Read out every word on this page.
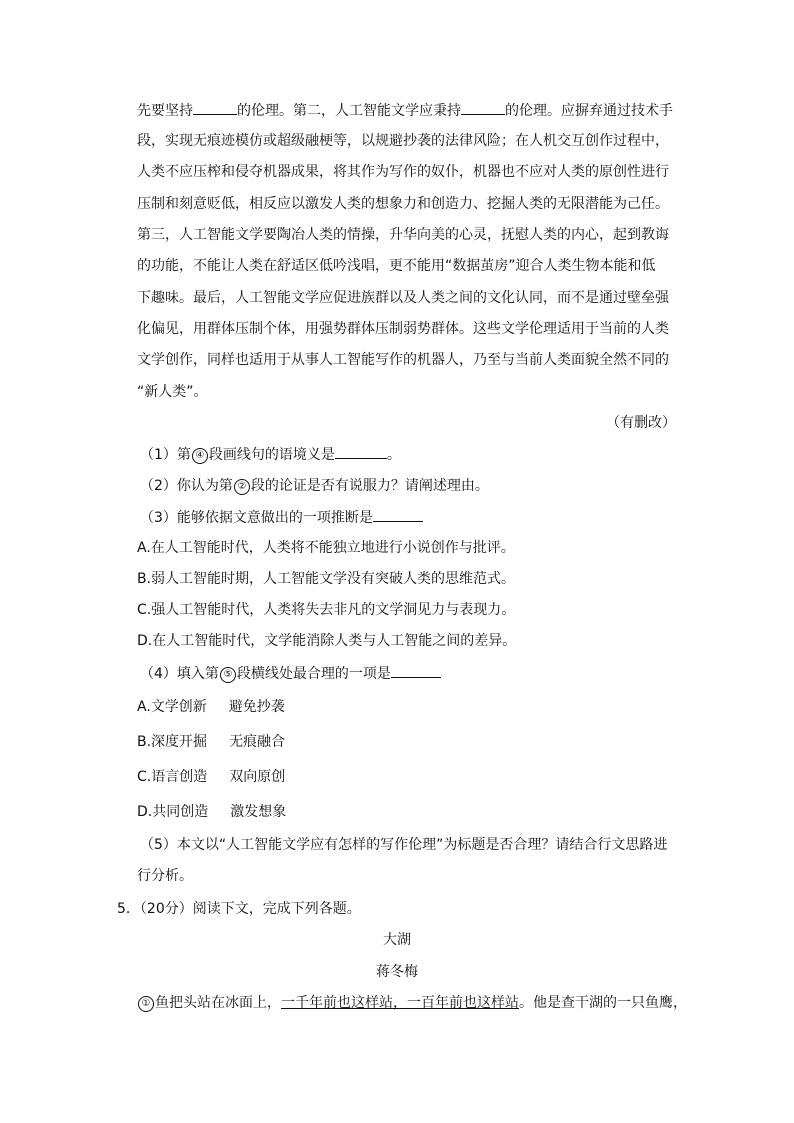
先要坚持	的伦理。第二，人工智能文学应秉持	的伦理。应摒弃通过技术手
段，实现无痕迹模仿或超级融梗等，以规避抄袭的法律风险；在人机交互创作过程中，
人类不应压榨和侵夺机器成果，将其作为写作的奴仆，机器也不应对人类的原创性进行
压制和刻意贬低，相反应以激发人类的想象力和创造力、挖掘人类的无限潜能为己任。
第三，人工智能文学要陶冶人类的情操，升华向美的心灵，抚慰人类的内心，起到教诲
的功能，不能让人类在舒适区低吟浅唱，更不能用“数据茧房”迎合人类生物本能和低
下趣味。最后，人工智能文学应促进族群以及人类之间的文化认同，而不是通过壁垒强
化偏见，用群体压制个体，用强势群体压制弱势群体。这些文学伦理适用于当前的人类
文学创作，同样也适用于从事人工智能写作的机器人，乃至与当前人类面貌全然不同的
“新人类”。
（有删改）
（1）第 ④ 段画线句的语境义是	。
（2）你认为第 ② 段的论证是否有说服力？请阐述理由。
（3）能够依据文意做出的一项推断是
A.在人工智能时代，人类将不能独立地进行小说创作与批评。
B.弱人工智能时期，人工智能文学没有突破人类的思维范式。
C.强人工智能时代，人类将失去非凡的文学洞见力与表现力。
D.在人工智能时代，文学能消除人类与人工智能之间的差异。
（4）填入第 ⑤ 段横线处最合理的一项是
A.文学创新 避免抄袭
B.深度开掘 无痕融合
C.语言创造 双向原创
D.共同创造 激发想象
（5）本文以“人工智能文学应有怎样的写作伦理”为标题是否合理？请结合行文思路进
行分析。
5．（20分）阅读下文，完成下列各题。
大湖
蒋冬梅
① 鱼把头站在冰面上，一千年前也这样站，一百年前也这样站。他是查干湖的一只鱼鹰，
